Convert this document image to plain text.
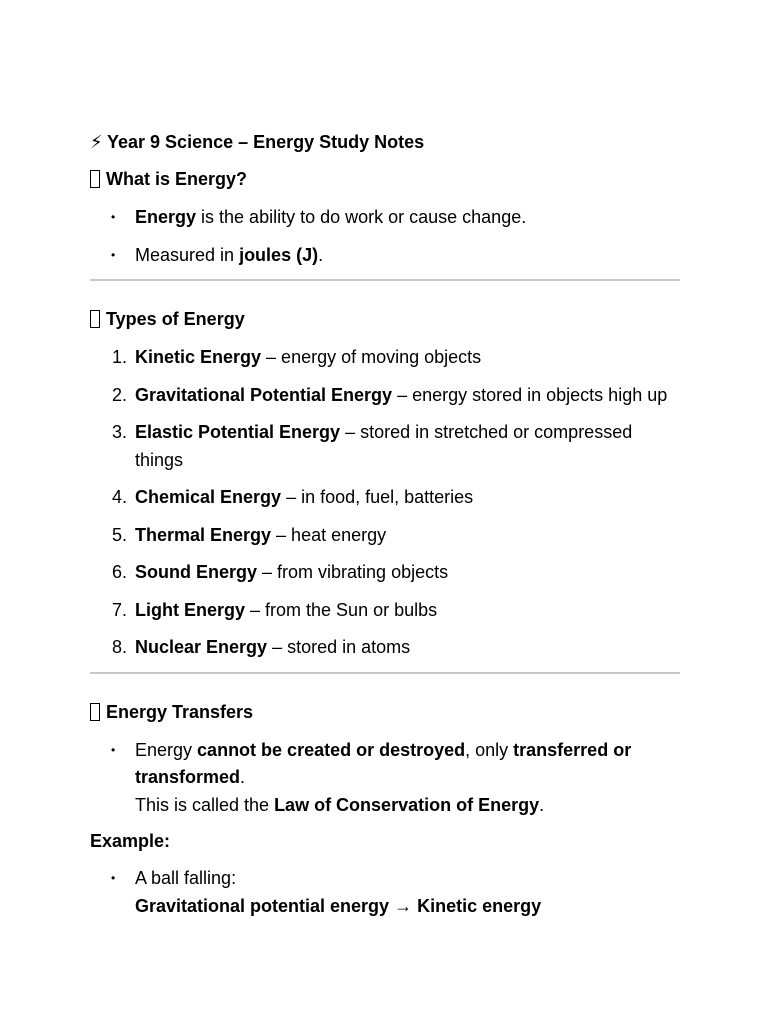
⚡ Year 9 Science – Energy Study Notes
What is Energy?
• Energy is the ability to do work or cause change.
• Measured in joules (J).
Types of Energy
1. Kinetic Energy – energy of moving objects
2. Gravitational Potential Energy – energy stored in objects high up
3. Elastic Potential Energy – stored in stretched or compressed things
4. Chemical Energy – in food, fuel, batteries
5. Thermal Energy – heat energy
6. Sound Energy – from vibrating objects
7. Light Energy – from the Sun or bulbs
8. Nuclear Energy – stored in atoms
Energy Transfers
• Energy cannot be created or destroyed, only transferred or transformed.
This is called the Law of Conservation of Energy.
Example:
• A ball falling:
Gravitational potential energy → Kinetic energy
